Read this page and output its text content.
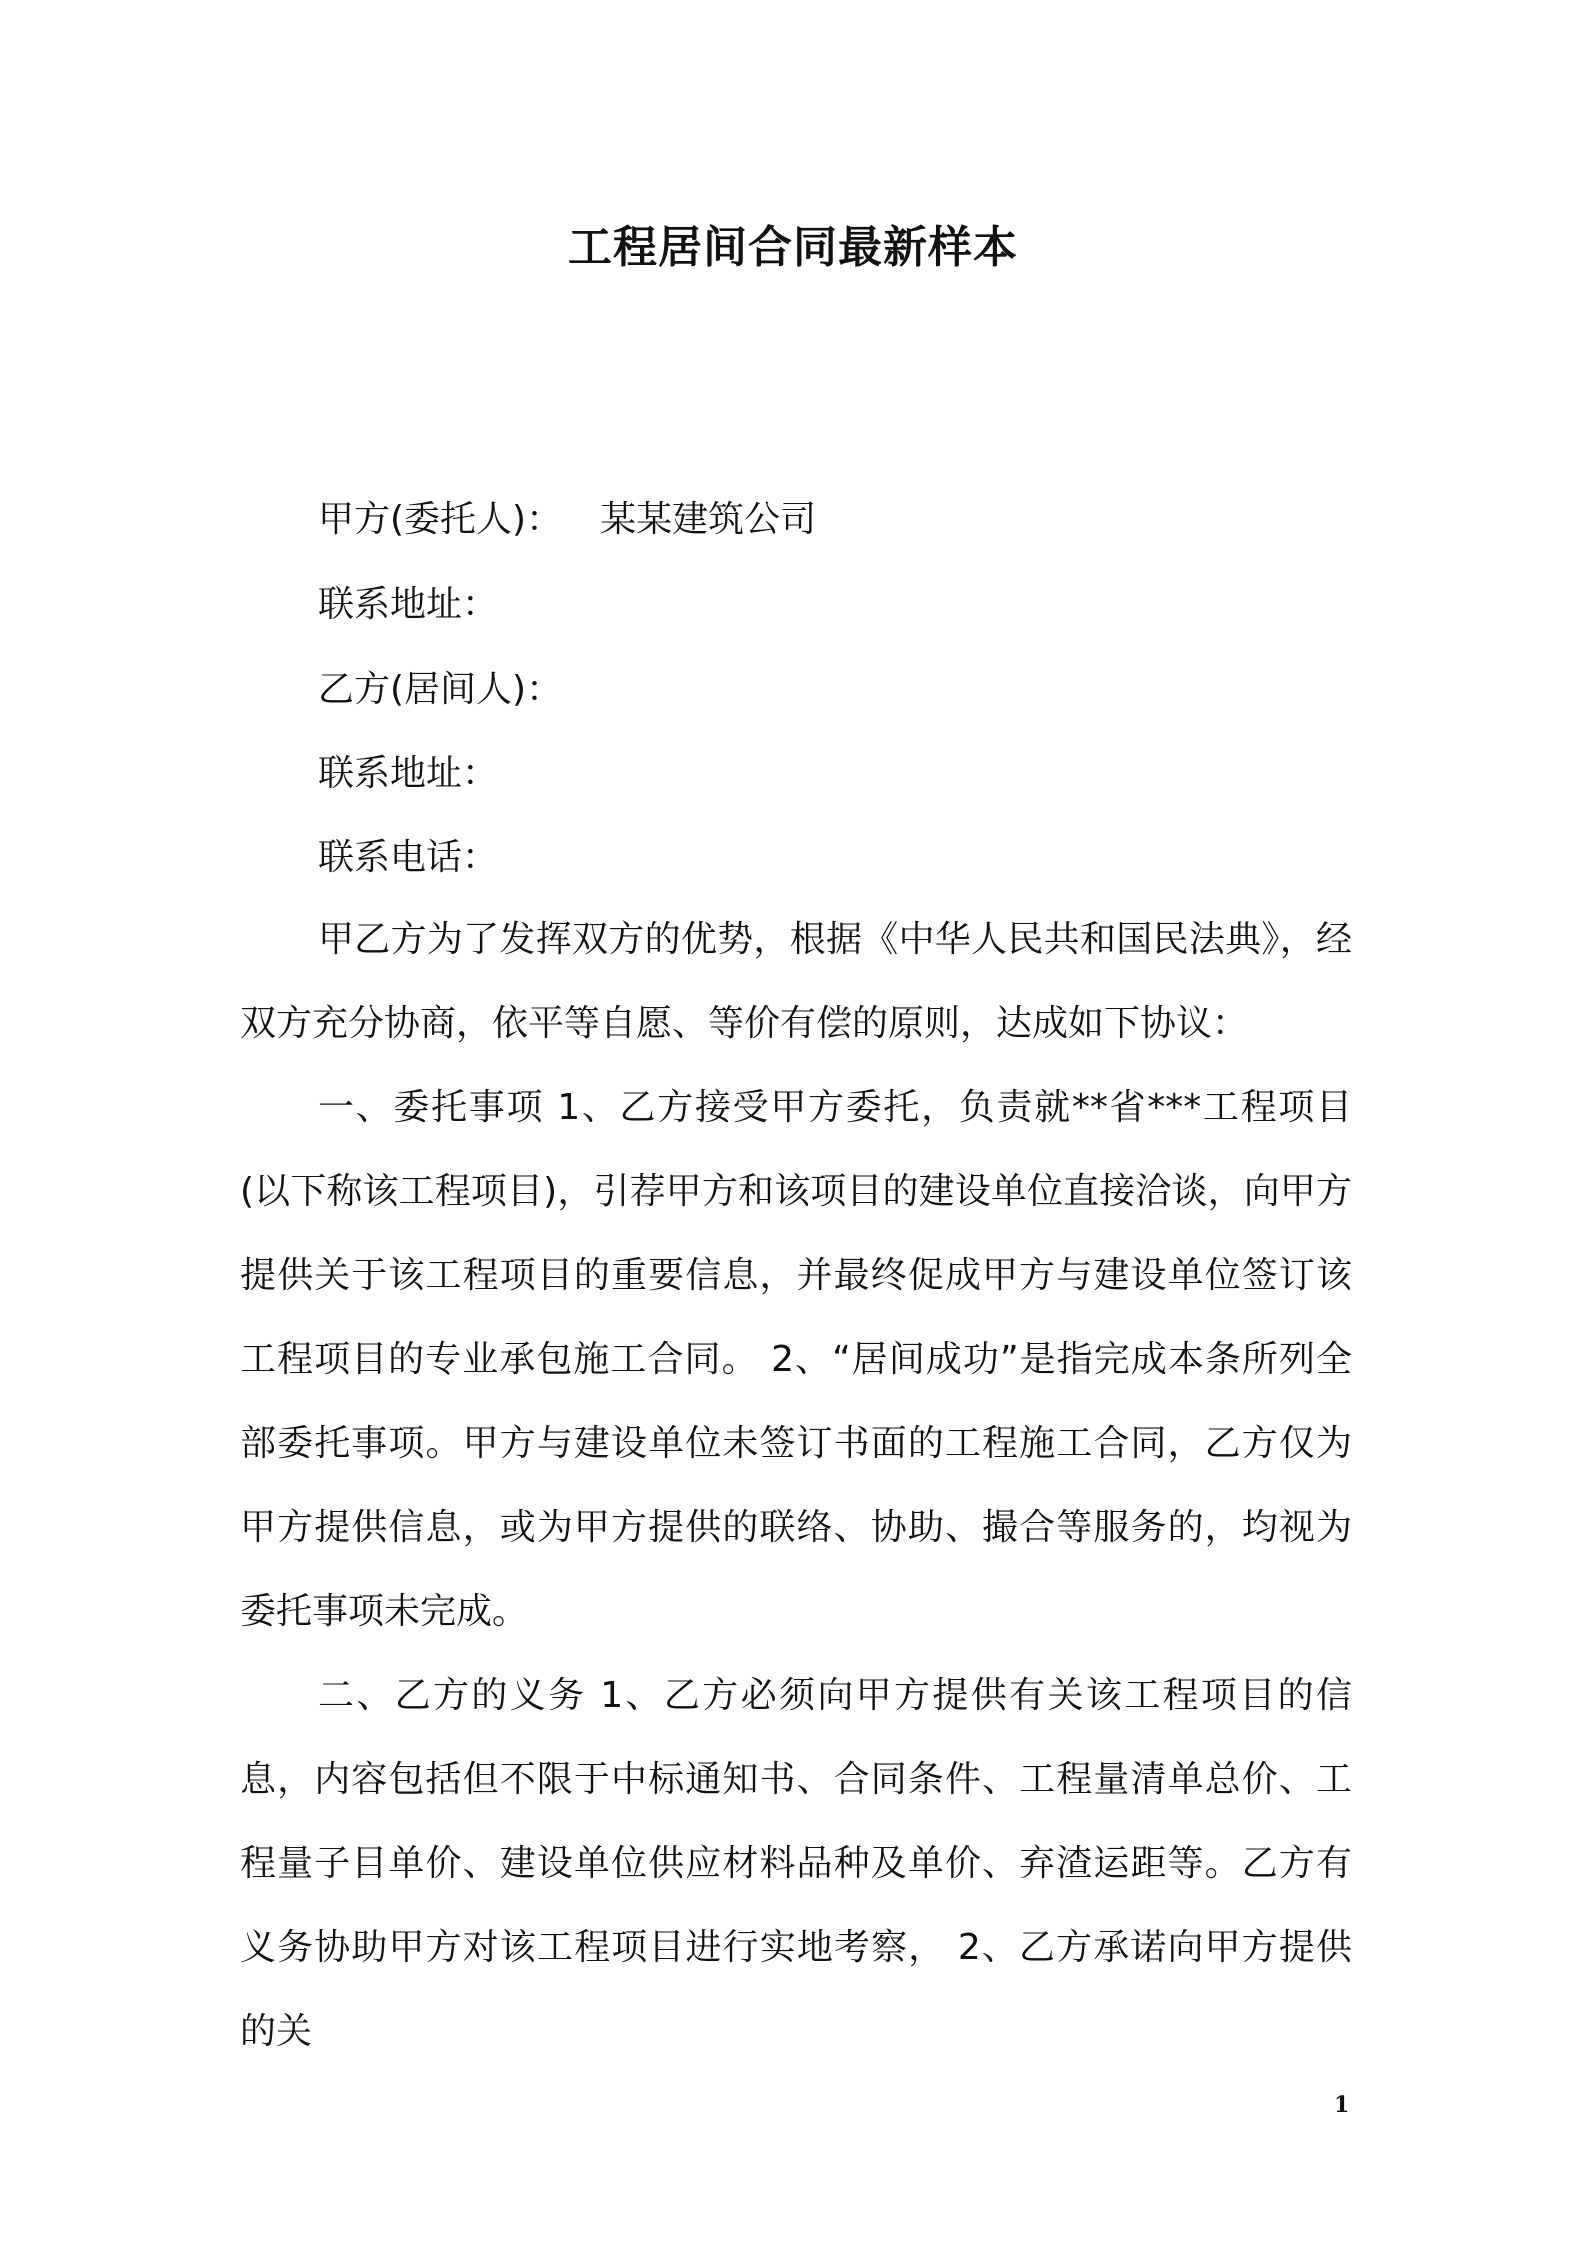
工程居间合同最新样本

甲方(委托人)： 某某建筑公司

联系地址：

乙方(居间人)：

联系地址：

联系电话：

甲乙方为了发挥双方的优势，根据《中华人民共和国民法典》，经双方充分协商，依平等自愿、等价有偿的原则，达成如下协议：

一、委托事项 1、乙方接受甲方委托，负责就**省***工程项目(以下称该工程项目)，引荐甲方和该项目的建设单位直接洽谈，向甲方提供关于该工程项目的重要信息，并最终促成甲方与建设单位签订该工程项目的专业承包施工合同。 2、“居间成功”是指完成本条所列全部委托事项。甲方与建设单位未签订书面的工程施工合同，乙方仅为甲方提供信息，或为甲方提供的联络、协助、撮合等服务的，均视为委托事项未完成。

二、乙方的义务 1、乙方必须向甲方提供有关该工程项目的信息，内容包括但不限于中标通知书、合同条件、工程量清单总价、工程量子目单价、建设单位供应材料品种及单价、弃渣运距等。乙方有义务协助甲方对该工程项目进行实地考察， 2、乙方承诺向甲方提供的关

1
